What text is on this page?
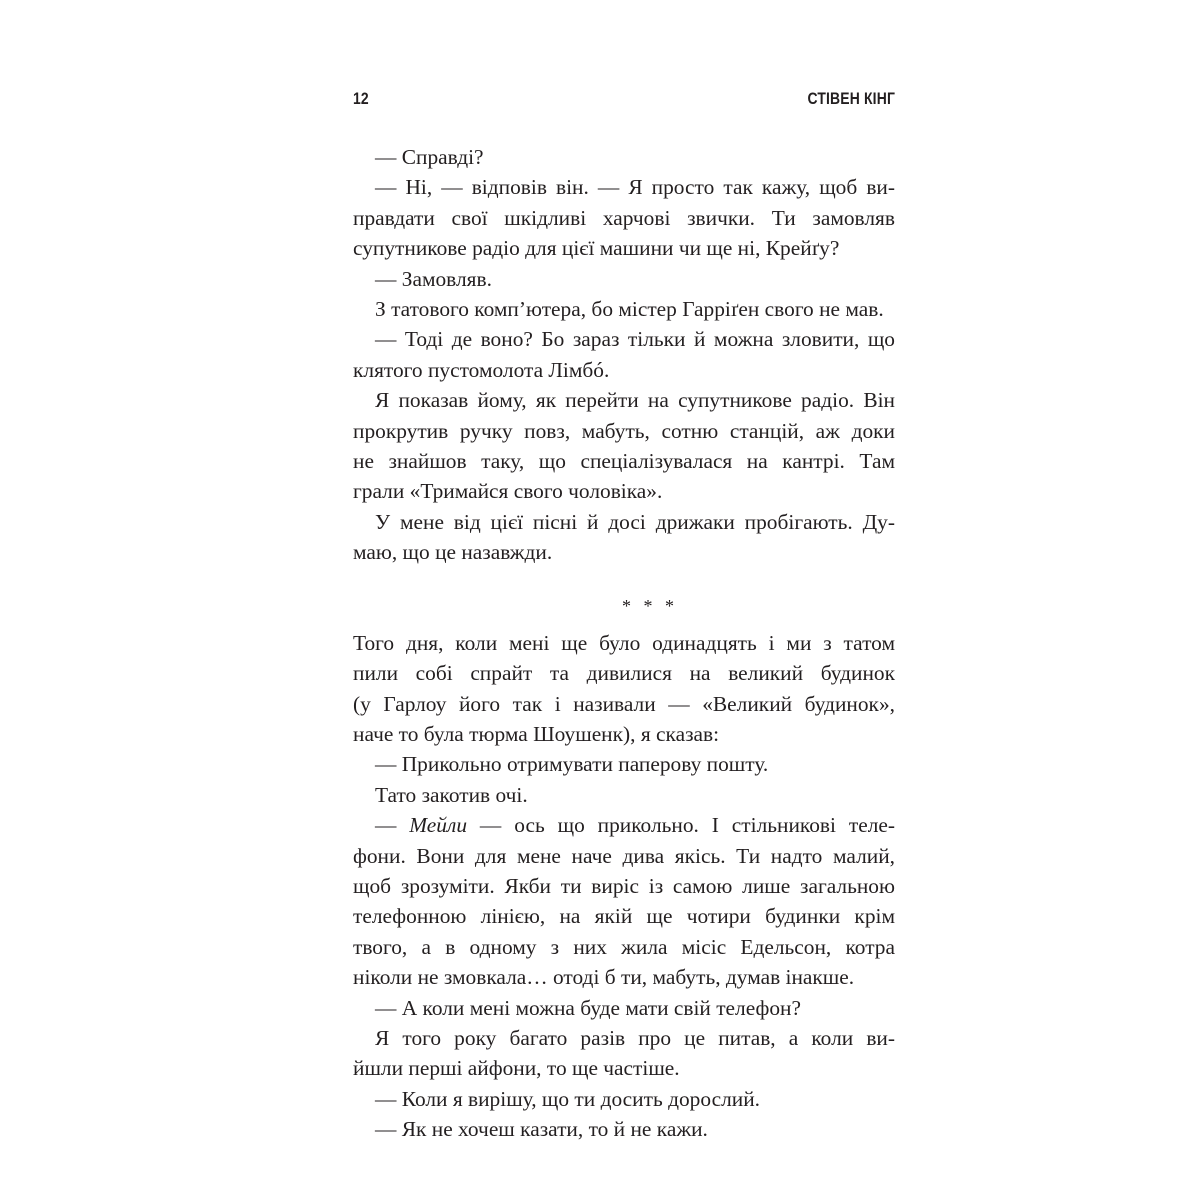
12	СТІВЕН КІНГ
— Справді?
— Ні, — відповів він. — Я просто так кажу, щоб ви-
правдати свої шкідливі харчові звички. Ти замовляв
супутникове радіо для цієї машини чи ще ні, Крейґу?
— Замовляв.
З татового комп’ютера, бо містер Гарріґен свого не мав.
— Тоді де воно? Бо зараз тільки й можна зловити, що
клятого пустомолота Лімбó.
Я показав йому, як перейти на супутникове радіо. Він
прокрутив ручку повз, мабуть, сотню станцій, аж доки
не знайшов таку, що спеціалізувалася на кантрі. Там
грали «Тримайся свого чоловіка».
У мене від цієї пісні й досі дрижаки пробігають. Ду-
маю, що це назавжди.
* * *
Того дня, коли мені ще було одинадцять і ми з татом
пили собі спрайт та дивилися на великий будинок
(у Гарлоу його так і називали — «Великий будинок»,
наче то була тюрма Шоушенк), я сказав:
— Прикольно отримувати паперову пошту.
Тато закотив очі.
— Мейли — ось що прикольно. І стільникові теле-
фони. Вони для мене наче дива якісь. Ти надто малий,
щоб зрозуміти. Якби ти виріс із самою лише загальною
телефонною лінією, на якій ще чотири будинки крім
твого, а в одному з них жила місіс Едельсон, котра
ніколи не змовкала… отоді б ти, мабуть, думав інакше.
— А коли мені можна буде мати свій телефон?
Я того року багато разів про це питав, а коли ви-
йшли перші айфони, то ще частіше.
— Коли я вирішу, що ти досить дорослий.
— Як не хочеш казати, то й не кажи.
